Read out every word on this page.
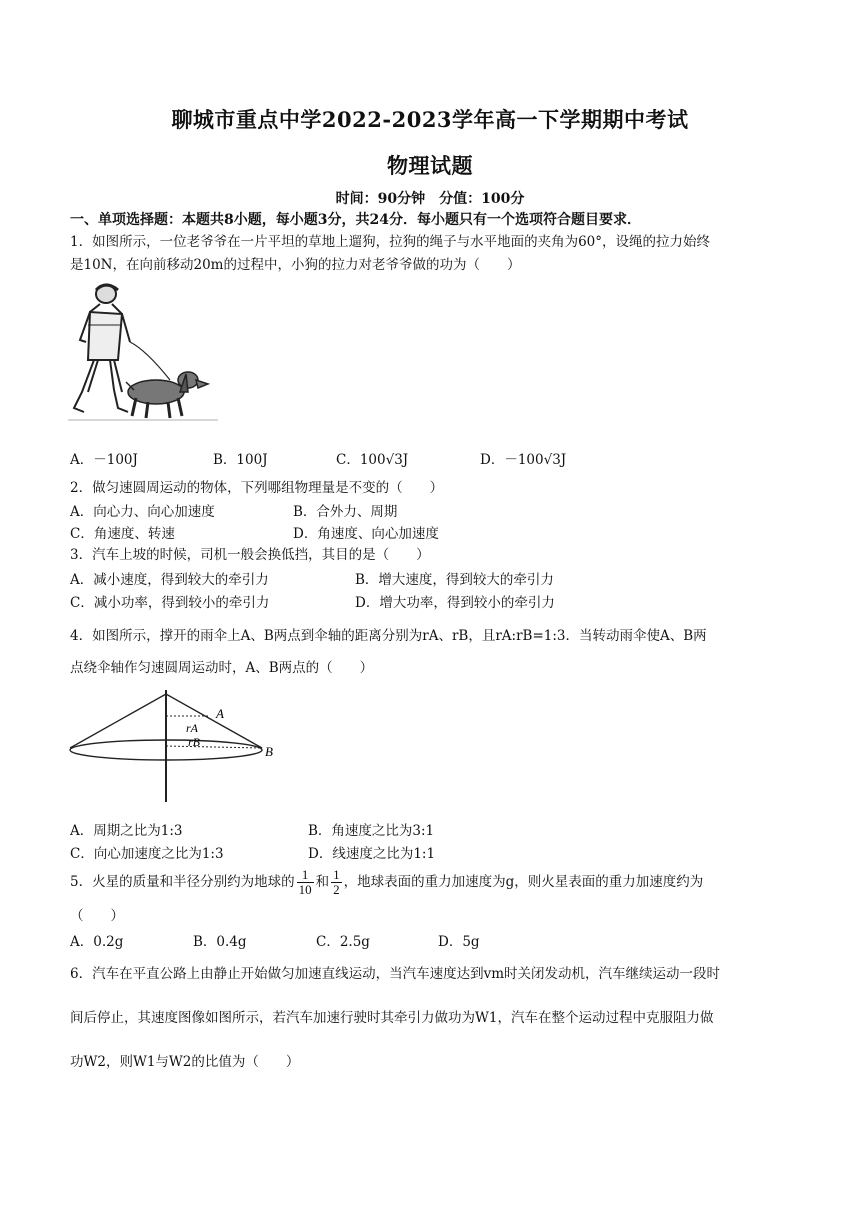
聊城市重点中学2022-2023学年高一下学期期中考试
物理试题
时间：90分钟　分值：100分
一、单项选择题：本题共8小题，每小题3分，共24分．每小题只有一个选项符合题目要求．
1．如图所示，一位老爷爷在一片平坦的草地上遛狗，拉狗的绳子与水平地面的夹角为60°，设绳的拉力始终
是10N，在向前移动20m的过程中，小狗的拉力对老爷爷做的功为（　　）
A．－100J	B．100J	C．100√3J	D．－100√3J
2．做匀速圆周运动的物体，下列哪组物理量是不变的（　　）
A．向心力、向心加速度	B．合外力、周期
C．角速度、转速	D．角速度、向心加速度
3．汽车上坡的时候，司机一般会换低挡，其目的是（　　）
A．减小速度，得到较大的牵引力	B．增大速度，得到较大的牵引力
C．减小功率，得到较小的牵引力	D．增大功率，得到较小的牵引力
4．如图所示，撑开的雨伞上A、B两点到伞轴的距离分别为rA、rB，且rA:rB=1:3．当转动雨伞使A、B两
点绕伞轴作匀速圆周运动时，A、B两点的（　　）
A
B
rA
rB
A．周期之比为1:3	B．角速度之比为3:1
C．向心加速度之比为1:3	D．线速度之比为1:1
5．火星的质量和半径分别约为地球的 $\frac{1}{10}$ 和 $\frac{1}{2}$ ，地球表面的重力加速度为g，则火星表面的重力加速度约为
（　　）
A．0.2g	B．0.4g	C．2.5g	D．5g
6．汽车在平直公路上由静止开始做匀加速直线运动，当汽车速度达到vm时关闭发动机，汽车继续运动一段时
间后停止，其速度图像如图所示，若汽车加速行驶时其牵引力做功为W1，汽车在整个运动过程中克服阻力做
功W2，则W1与W2的比值为（　　）
